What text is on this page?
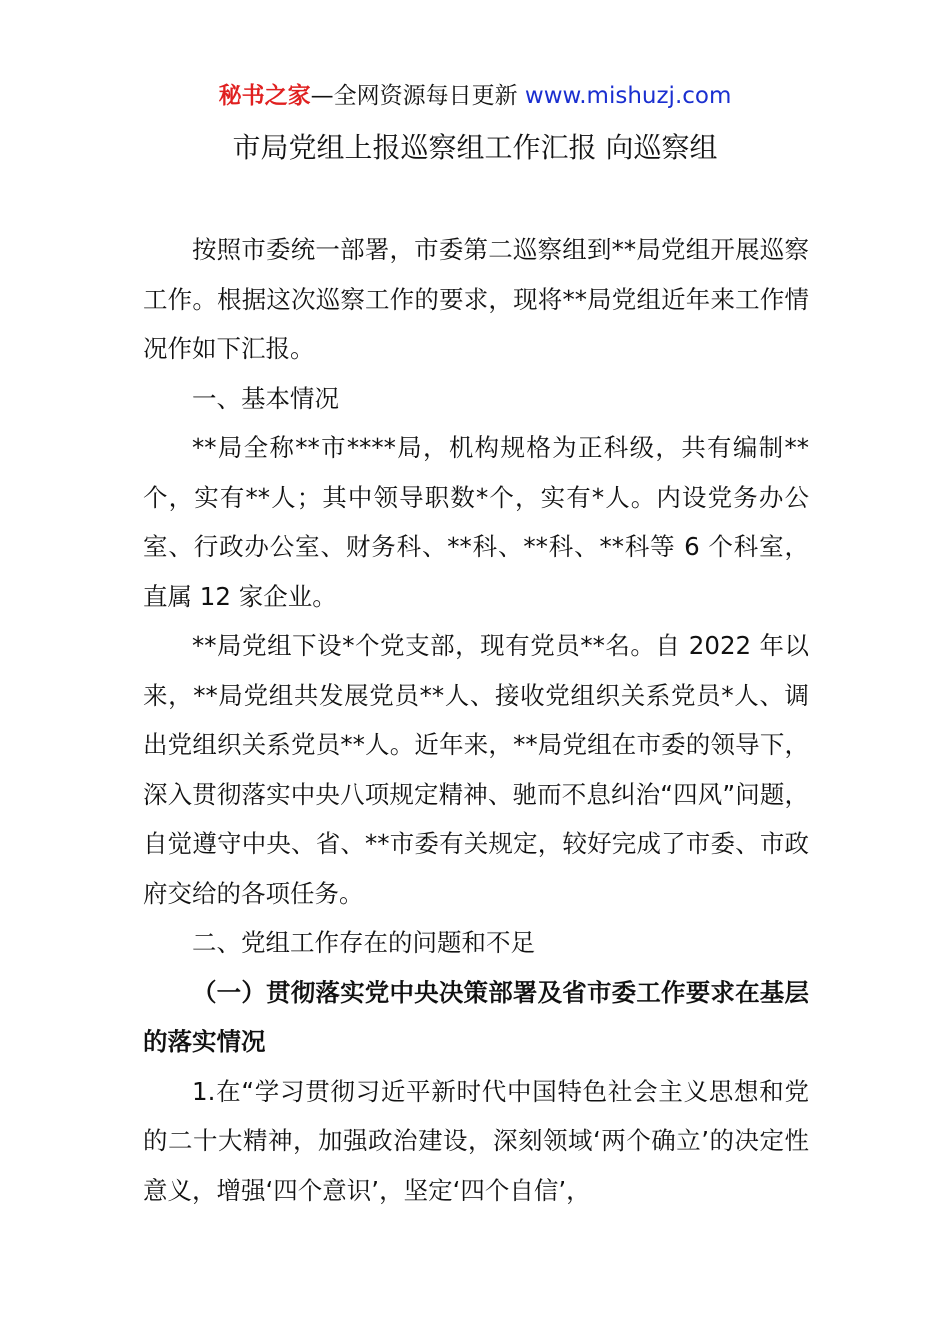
秘书之家—全网资源每日更新 www.mishuzj.com
市局党组上报巡察组工作汇报 向巡察组

按照市委统一部署，市委第二巡察组到**局党组开展巡察工作。根据这次巡察工作的要求，现将**局党组近年来工作情况作如下汇报。

一、基本情况

**局全称**市****局，机构规格为正科级，共有编制**个，实有**人；其中领导职数*个，实有*人。内设党务办公室、行政办公室、财务科、**科、**科、**科等 6 个科室，直属 12 家企业。

**局党组下设*个党支部，现有党员**名。自 2022 年以来，**局党组共发展党员**人、接收党组织关系党员*人、调出党组织关系党员**人。近年来，**局党组在市委的领导下，深入贯彻落实中央八项规定精神、驰而不息纠治“四风”问题，自觉遵守中央、省、**市委有关规定，较好完成了市委、市政府交给的各项任务。

二、党组工作存在的问题和不足

（一）贯彻落实党中央决策部署及省市委工作要求在基层的落实情况

1.在“学习贯彻习近平新时代中国特色社会主义思想和党的二十大精神，加强政治建设，深刻领域‘两个确立’的决定性意义，增强‘四个意识’，坚定‘四个自信’，
